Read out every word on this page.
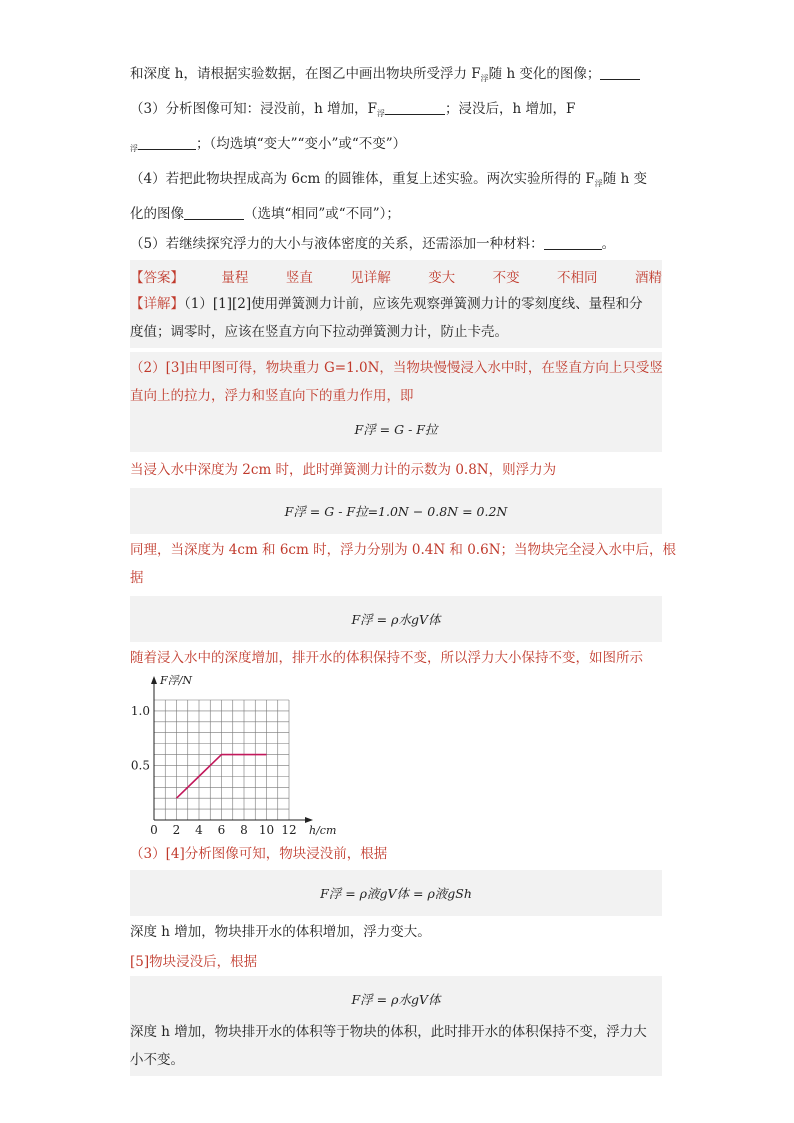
和深度 h，请根据实验数据，在图乙中画出物块所受浮力 $F_浮$随 h 变化的图像；
（3）分析图像可知：浸没前，h 增加，$F_浮$	；浸没后，h 增加，F
$_浮$	；（均选填“变大”“变小”或“不变”）
（4）若把此物块捏成高为 6cm 的圆锥体，重复上述实验。两次实验所得的 $F_浮$随 h 变
化的图像	（选填“相同”或“不同”）；
（5）若继续探究浮力的大小与液体密度的关系，还需添加一种材料：	。
【答案】	量程	竖直	见详解	变大	不变	不相同	酒精
【详解】（1）[1][2]使用弹簧测力计前，应该先观察弹簧测力计的零刻度线、量程和分
度值；调零时，应该在竖直方向下拉动弹簧测力计，防止卡壳。
（2）[3]由甲图可得，物块重力 G=1.0N，当物块慢慢浸入水中时，在竖直方向上只受竖
直向上的拉力，浮力和竖直向下的重力作用，即
F浮 = G - F拉
当浸入水中深度为 2cm 时，此时弹簧测力计的示数为 0.8N，则浮力为
F浮 = G - F拉=1.0N − 0.8N = 0.2N
同理，当深度为 4cm 和 6cm 时，浮力分别为 0.4N 和 0.6N；当物块完全浸入水中后，根
据
F浮 = ρ水gV体
随着浸入水中的深度增加，排开水的体积保持不变，所以浮力大小保持不变，如图所示
0 2 4 6 8 10 12
0.5
1.0
F浮/N
h/cm
（3）[4]分析图像可知，物块浸没前，根据
F浮 = ρ液gV体 = ρ液gSh
深度 h 增加，物块排开水的体积增加，浮力变大。
[5]物块浸没后，根据
F浮 = ρ水gV体
深度 h 增加，物块排开水的体积等于物块的体积，此时排开水的体积保持不变，浮力大
小不变。
